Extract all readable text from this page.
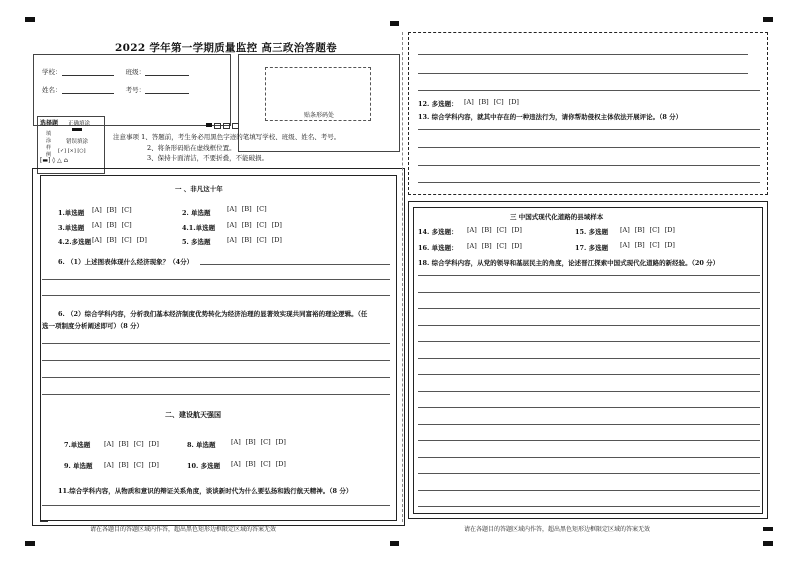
2022 学年第一学期质量监控 高三政治答题卷
学校：	班级：
姓名：	考号：
贴条形码处
选择题 正确填涂
填涂样例
错误填涂
[✓] [×] [○]
[▬] ◊ △ ⌂
注意事项 1、答题前，考生务必用黑色字迹的笔填写学校、班级、姓名、考号。
2、将条形码贴在虚线框位置。
3、保持卡面清洁，不要折叠，不能破损。
一 、非凡这十年
1.单选题 [A] [B] [C]	2. 单选题	[A] [B] [C]
3.单选题 [A] [B] [C]	4.1.单选题 [A] [B] [C] [D]
4.2.多选题 [A] [B] [C] [D]	5. 多选题	[A] [B] [C] [D]
6. （1）上述图表体现什么经济现象？（4分）
6. （2）综合学科内容，分析我们基本经济制度优势转化为经济治理的显著效实现共同富裕的理论逻辑。（任
选一项制度分析阐述即可）（8 分）
二、建设航天强国
7.单选题 [A] [B] [C] [D]	8. 单选题 [A] [B] [C] [D]
9. 单选题 [A] [B] [C] [D]	10. 多选题 [A] [B] [C] [D]
11.综合学科内容，从物质和意识的辩证关系角度，谈谈新时代为什么要弘扬和践行航天精神。（8 分）
请在各题目的答题区域内作答，超出黑色矩形边框限定区域的答案无效
12. 多选题： [A] [B] [C] [D]
13. 综合学科内容，就其中存在的一种违法行为，请你帮助侵权主体依法开展评论。（8 分）
三 中国式现代化道路的县域样本
14. 多选题： [A] [B] [C] [D]	15. 多选题 [A] [B] [C] [D]
16. 单选题： [A] [B] [C] [D]	17. 多选题 [A] [B] [C] [D]
18. 综合学科内容，从党的领导和基层民主的角度，论述晋江探索中国式现代化道路的新经验。（20 分）
请在各题目的答题区域内作答，超出黑色矩形边框限定区域的答案无效
